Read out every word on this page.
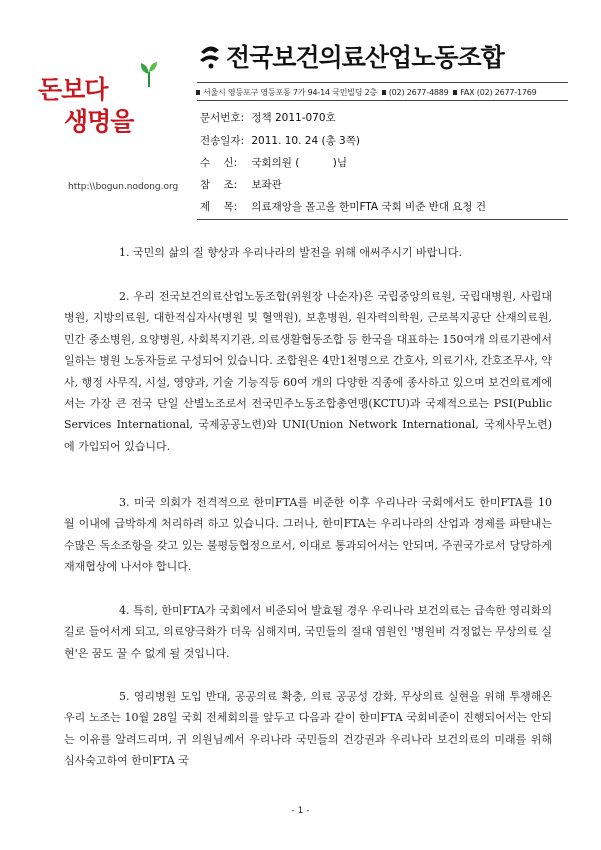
돈보다
생명을
http:\\bogun.nodong.org
전국보건의료산업노동조합
서울시 영등포구 영등포동 7가 94-14 국민빌딩 2층 (02) 2677-4889 FAX (02) 2677-1769
문서번호: 정책 2011-070호
전송일자: 2011. 10. 24 (총 3쪽)
수    신: 국회의원 (          )님
참    조: 보좌관
제    목: 의료재앙을 몰고올 한미FTA 국회 비준 반대 요청 건

1. 국민의 삶의 질 향상과 우리나라의 발전을 위해 애써주시기 바랍니다.

2. 우리 전국보건의료산업노동조합(위원장 나순자)은 국립중앙의료원, 국립대병원, 사립대병원, 지방의료원, 대한적십자사(병원 및 혈액원), 보훈병원, 원자력의학원, 근로복지공단 산재의료원, 민간 중소병원, 요양병원, 사회복지기관, 의료생활협동조합 등 한국을 대표하는 150여개 의료기관에서 일하는 병원 노동자들로 구성되어 있습니다. 조합원은 4만1천명으로 간호사, 의료기사, 간호조무사, 약사, 행정 사무직, 시설, 영양과, 기술 기능직등 60여 개의 다양한 직종에 종사하고 있으며 보건의료계에서는 가장 큰 전국 단일 산별노조로서 전국민주노동조합총연맹(KCTU)과 국제적으로는 PSI(Public Services International, 국제공공노련)와 UNI(Union Network International, 국제사무노련)에 가입되어 있습니다.

3. 미국 의회가 전격적으로 한미FTA를 비준한 이후 우리나라 국회에서도 한미FTA를 10월 이내에 급박하게 처리하려 하고 있습니다. 그러나, 한미FTA는 우리나라의 산업과 경제를 파탄내는 수많은 독소조항을 갖고 있는 불평등협정으로서, 이대로 통과되어서는 안되며, 주권국가로서 당당하게 재재협상에 나서야 합니다.

4. 특히, 한미FTA가 국회에서 비준되어 발효될 경우 우리나라 보건의료는 급속한 영리화의 길로 들어서게 되고, 의료양극화가 더욱 심해지며, 국민들의 절대 염원인 '병원비 걱정없는 무상의료 실현'은 꿈도 꿀 수 없게 될 것입니다.

5. 영리병원 도입 반대, 공공의료 확충, 의료 공공성 강화, 무상의료 실현을 위해 투쟁해온 우리 노조는 10월 28일 국회 전체회의를 앞두고 다음과 같이 한미FTA 국회비준이 진행되어서는 안되는 이유를 알려드리며, 귀 의원님께서 우리나라 국민들의 건강권과 우리나라 보건의료의 미래를 위해 심사숙고하여 한미FTA 국

- 1 -
